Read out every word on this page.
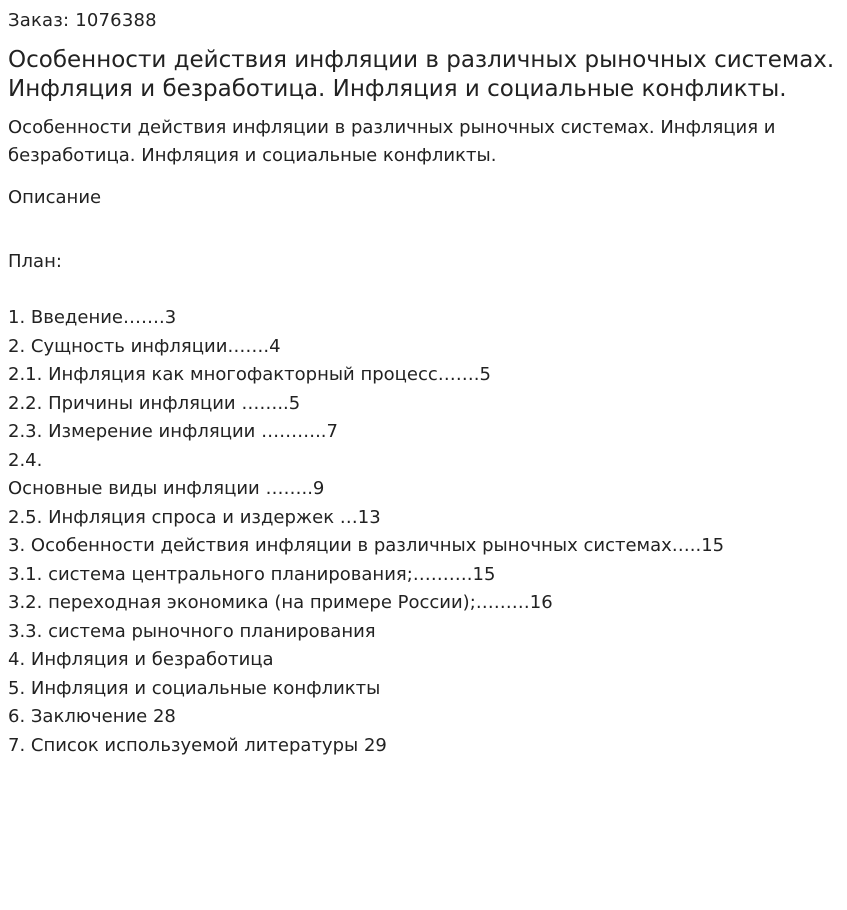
Заказ: 1076388
Особенности действия инфляции в различных рыночных системах. Инфляция и безработица. Инфляция и социальные конфликты.

Особенности действия инфляции в различных рыночных системах. Инфляция и безработица. Инфляция и социальные конфликты.

Описание
План:
1. Введение…….3
2. Сущность инфляции…….4
2.1. Инфляция как многофакторный процесс…….5
2.2. Причины инфляции ……..5
2.3. Измерение инфляции ………..7
2.4.
Основные виды инфляции ……..9
2.5. Инфляция спроса и издержек …13
3. Особенности действия инфляции в различных рыночных системах…..15
3.1. система центрального планирования;……….15
3.2. переходная экономика (на примере России);………16
3.3. система рыночного планирования
4. Инфляция и безработица
5. Инфляция и социальные конфликты
6. Заключение 28
7. Список используемой литературы 29
